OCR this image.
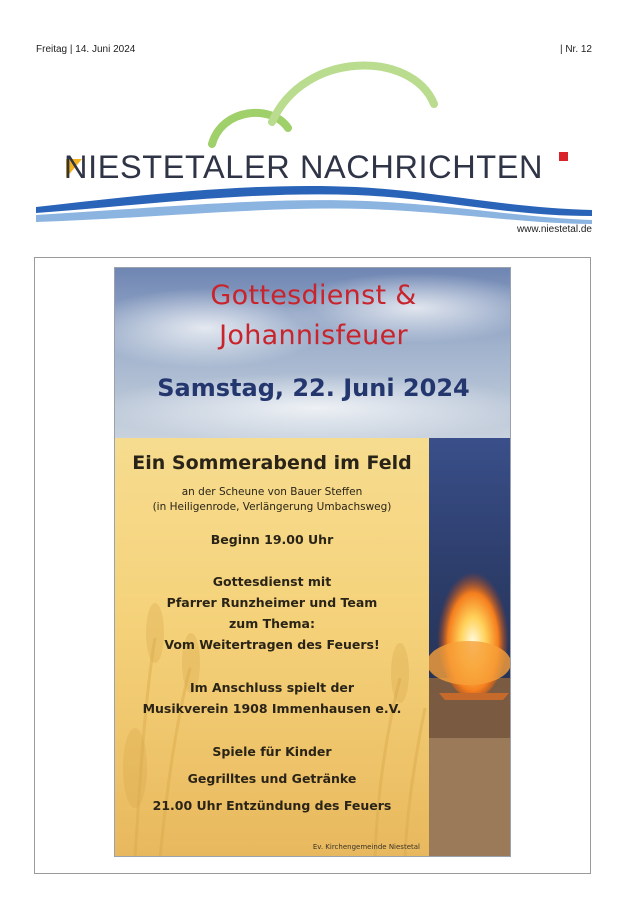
Freitag | 14. Juni 2024	| Nr. 12
NIESTETALER NACHRICHTEN
www.niestetal.de
Gottesdienst &
Johannisfeuer
Samstag, 22. Juni 2024
Ein Sommerabend im Feld
an der Scheune von Bauer Steffen
(in Heiligenrode, Verlängerung Umbachsweg)
Beginn 19.00 Uhr
Gottesdienst mit
Pfarrer Runzheimer und Team
zum Thema:
Vom Weitertragen des Feuers!
Im Anschluss spielt der
Musikverein 1908 Immenhausen e.V.
Spiele für Kinder
Gegrilltes und Getränke
21.00 Uhr Entzündung des Feuers
Ev. Kirchengemeinde Niestetal
